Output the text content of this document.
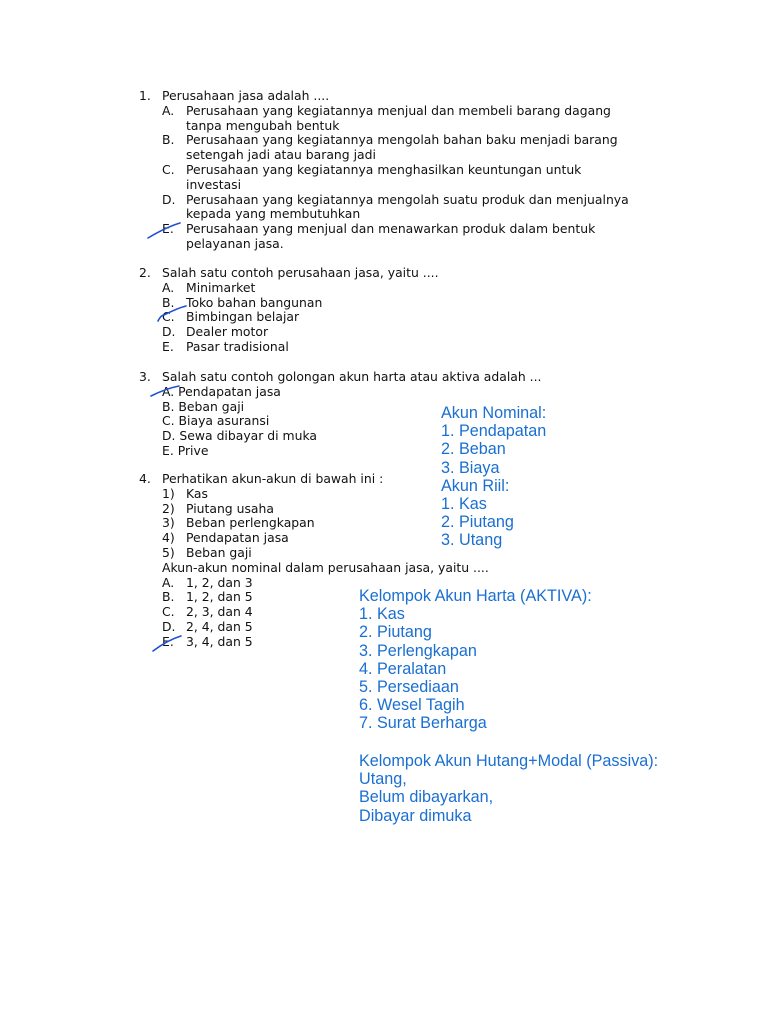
1. Perusahaan jasa adalah ....
A. Perusahaan yang kegiatannya menjual dan membeli barang dagang
tanpa mengubah bentuk
B. Perusahaan yang kegiatannya mengolah bahan baku menjadi barang
setengah jadi atau barang jadi
C. Perusahaan yang kegiatannya menghasilkan keuntungan untuk
investasi
D. Perusahaan yang kegiatannya mengolah suatu produk dan menjualnya
kepada yang membutuhkan
E. Perusahaan yang menjual dan menawarkan produk dalam bentuk
pelayanan jasa.
2. Salah satu contoh perusahaan jasa, yaitu ....
A. Minimarket
B. Toko bahan bangunan
C. Bimbingan belajar
D. Dealer motor
E. Pasar tradisional
3. Salah satu contoh golongan akun harta atau aktiva adalah ...
A. Pendapatan jasa
B. Beban gaji
C. Biaya asuransi
D. Sewa dibayar di muka
E. Prive
4. Perhatikan akun-akun di bawah ini :
1) Kas
2) Piutang usaha
3) Beban perlengkapan
4) Pendapatan jasa
5) Beban gaji
Akun-akun nominal dalam perusahaan jasa, yaitu ....
A. 1, 2, dan 3
B. 1, 2, dan 5
C. 2, 3, dan 4
D. 2, 4, dan 5
E. 3, 4, dan 5
Akun Nominal:
1. Pendapatan
2. Beban
3. Biaya
Akun Riil:
1. Kas
2. Piutang
3. Utang
Kelompok Akun Harta (AKTIVA):
1. Kas
2. Piutang
3. Perlengkapan
4. Peralatan
5. Persediaan
6. Wesel Tagih
7. Surat Berharga
Kelompok Akun Hutang+Modal (Passiva):
Utang,
Belum dibayarkan,
Dibayar dimuka
